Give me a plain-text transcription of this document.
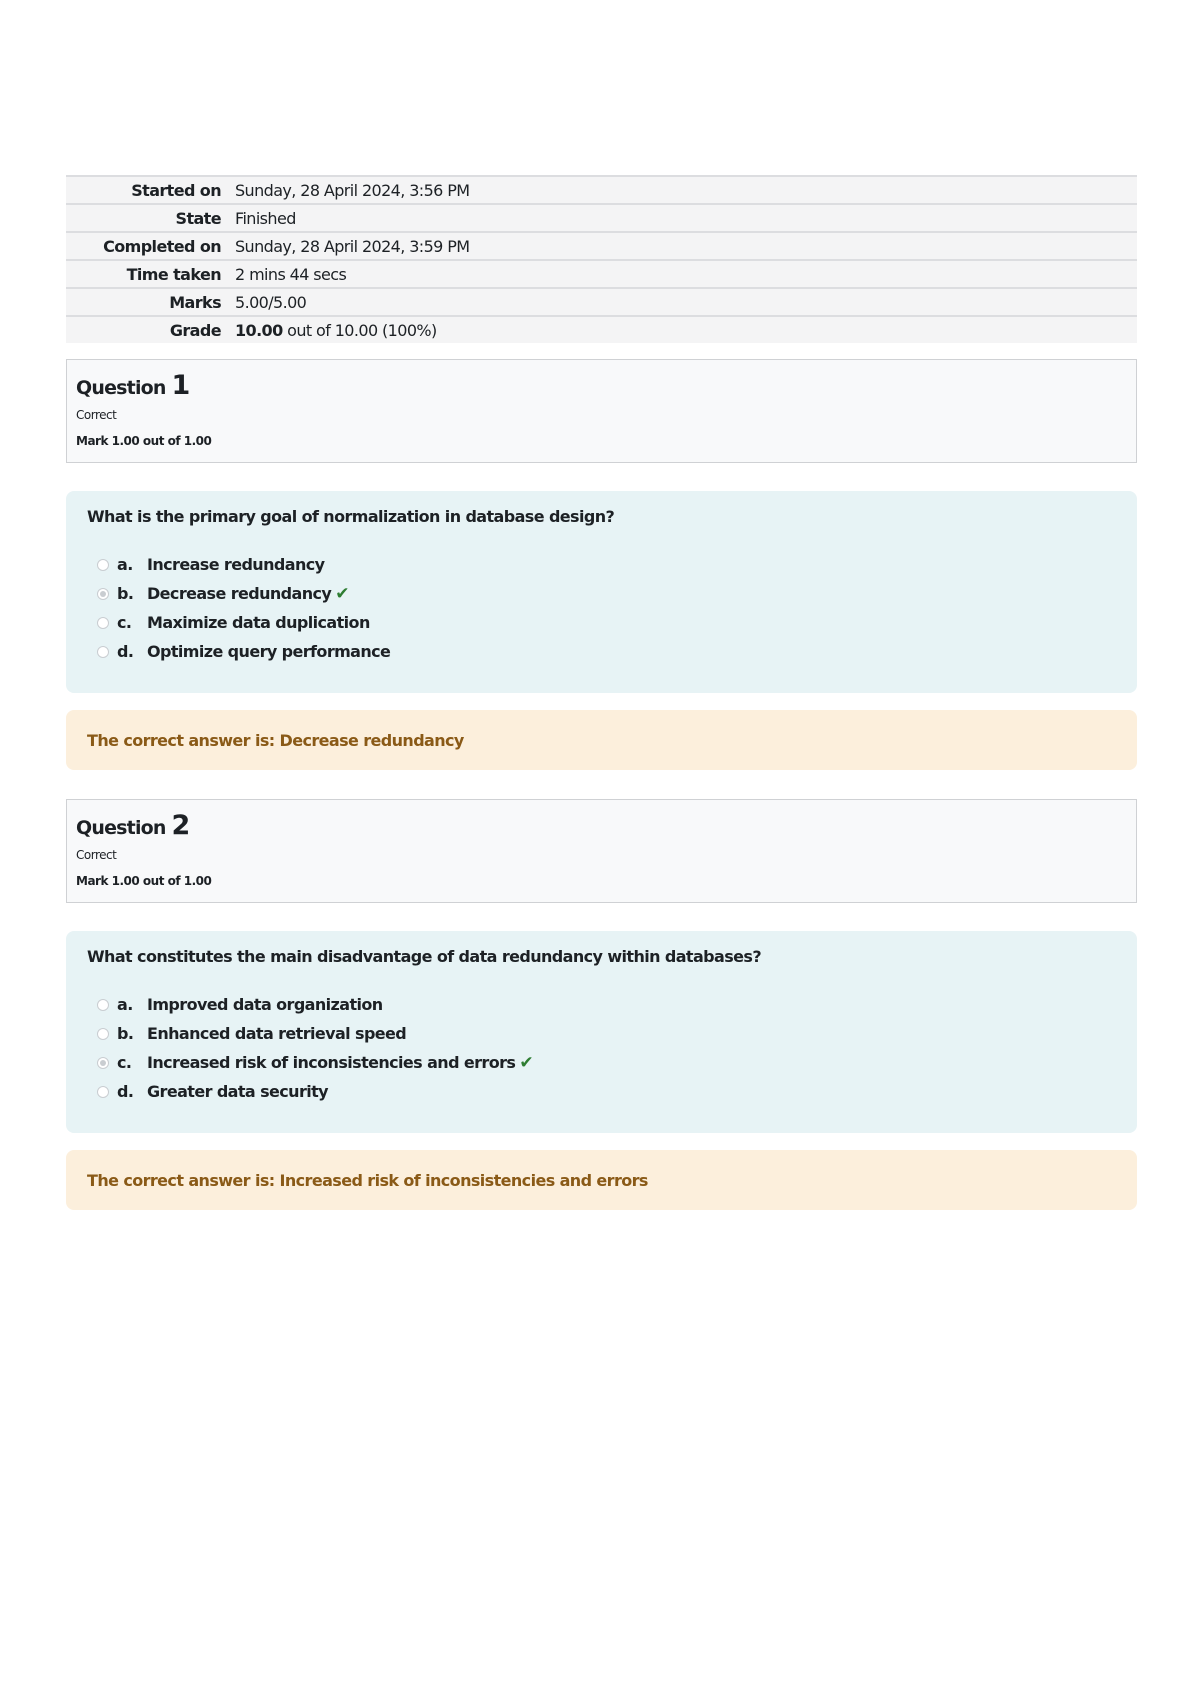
Started on	Sunday, 28 April 2024, 3:56 PM
State	Finished
Completed on	Sunday, 28 April 2024, 3:59 PM
Time taken	2 mins 44 secs
Marks	5.00/5.00
Grade	10.00 out of 10.00 (100%)
Question 1
Correct
Mark 1.00 out of 1.00
What is the primary goal of normalization in database design?
a. Increase redundancy
b. Decrease redundancy ✔
c. Maximize data duplication
d. Optimize query performance
The correct answer is: Decrease redundancy
Question 2
Correct
Mark 1.00 out of 1.00
What constitutes the main disadvantage of data redundancy within databases?
a. Improved data organization
b. Enhanced data retrieval speed
c. Increased risk of inconsistencies and errors ✔
d. Greater data security
The correct answer is: Increased risk of inconsistencies and errors
